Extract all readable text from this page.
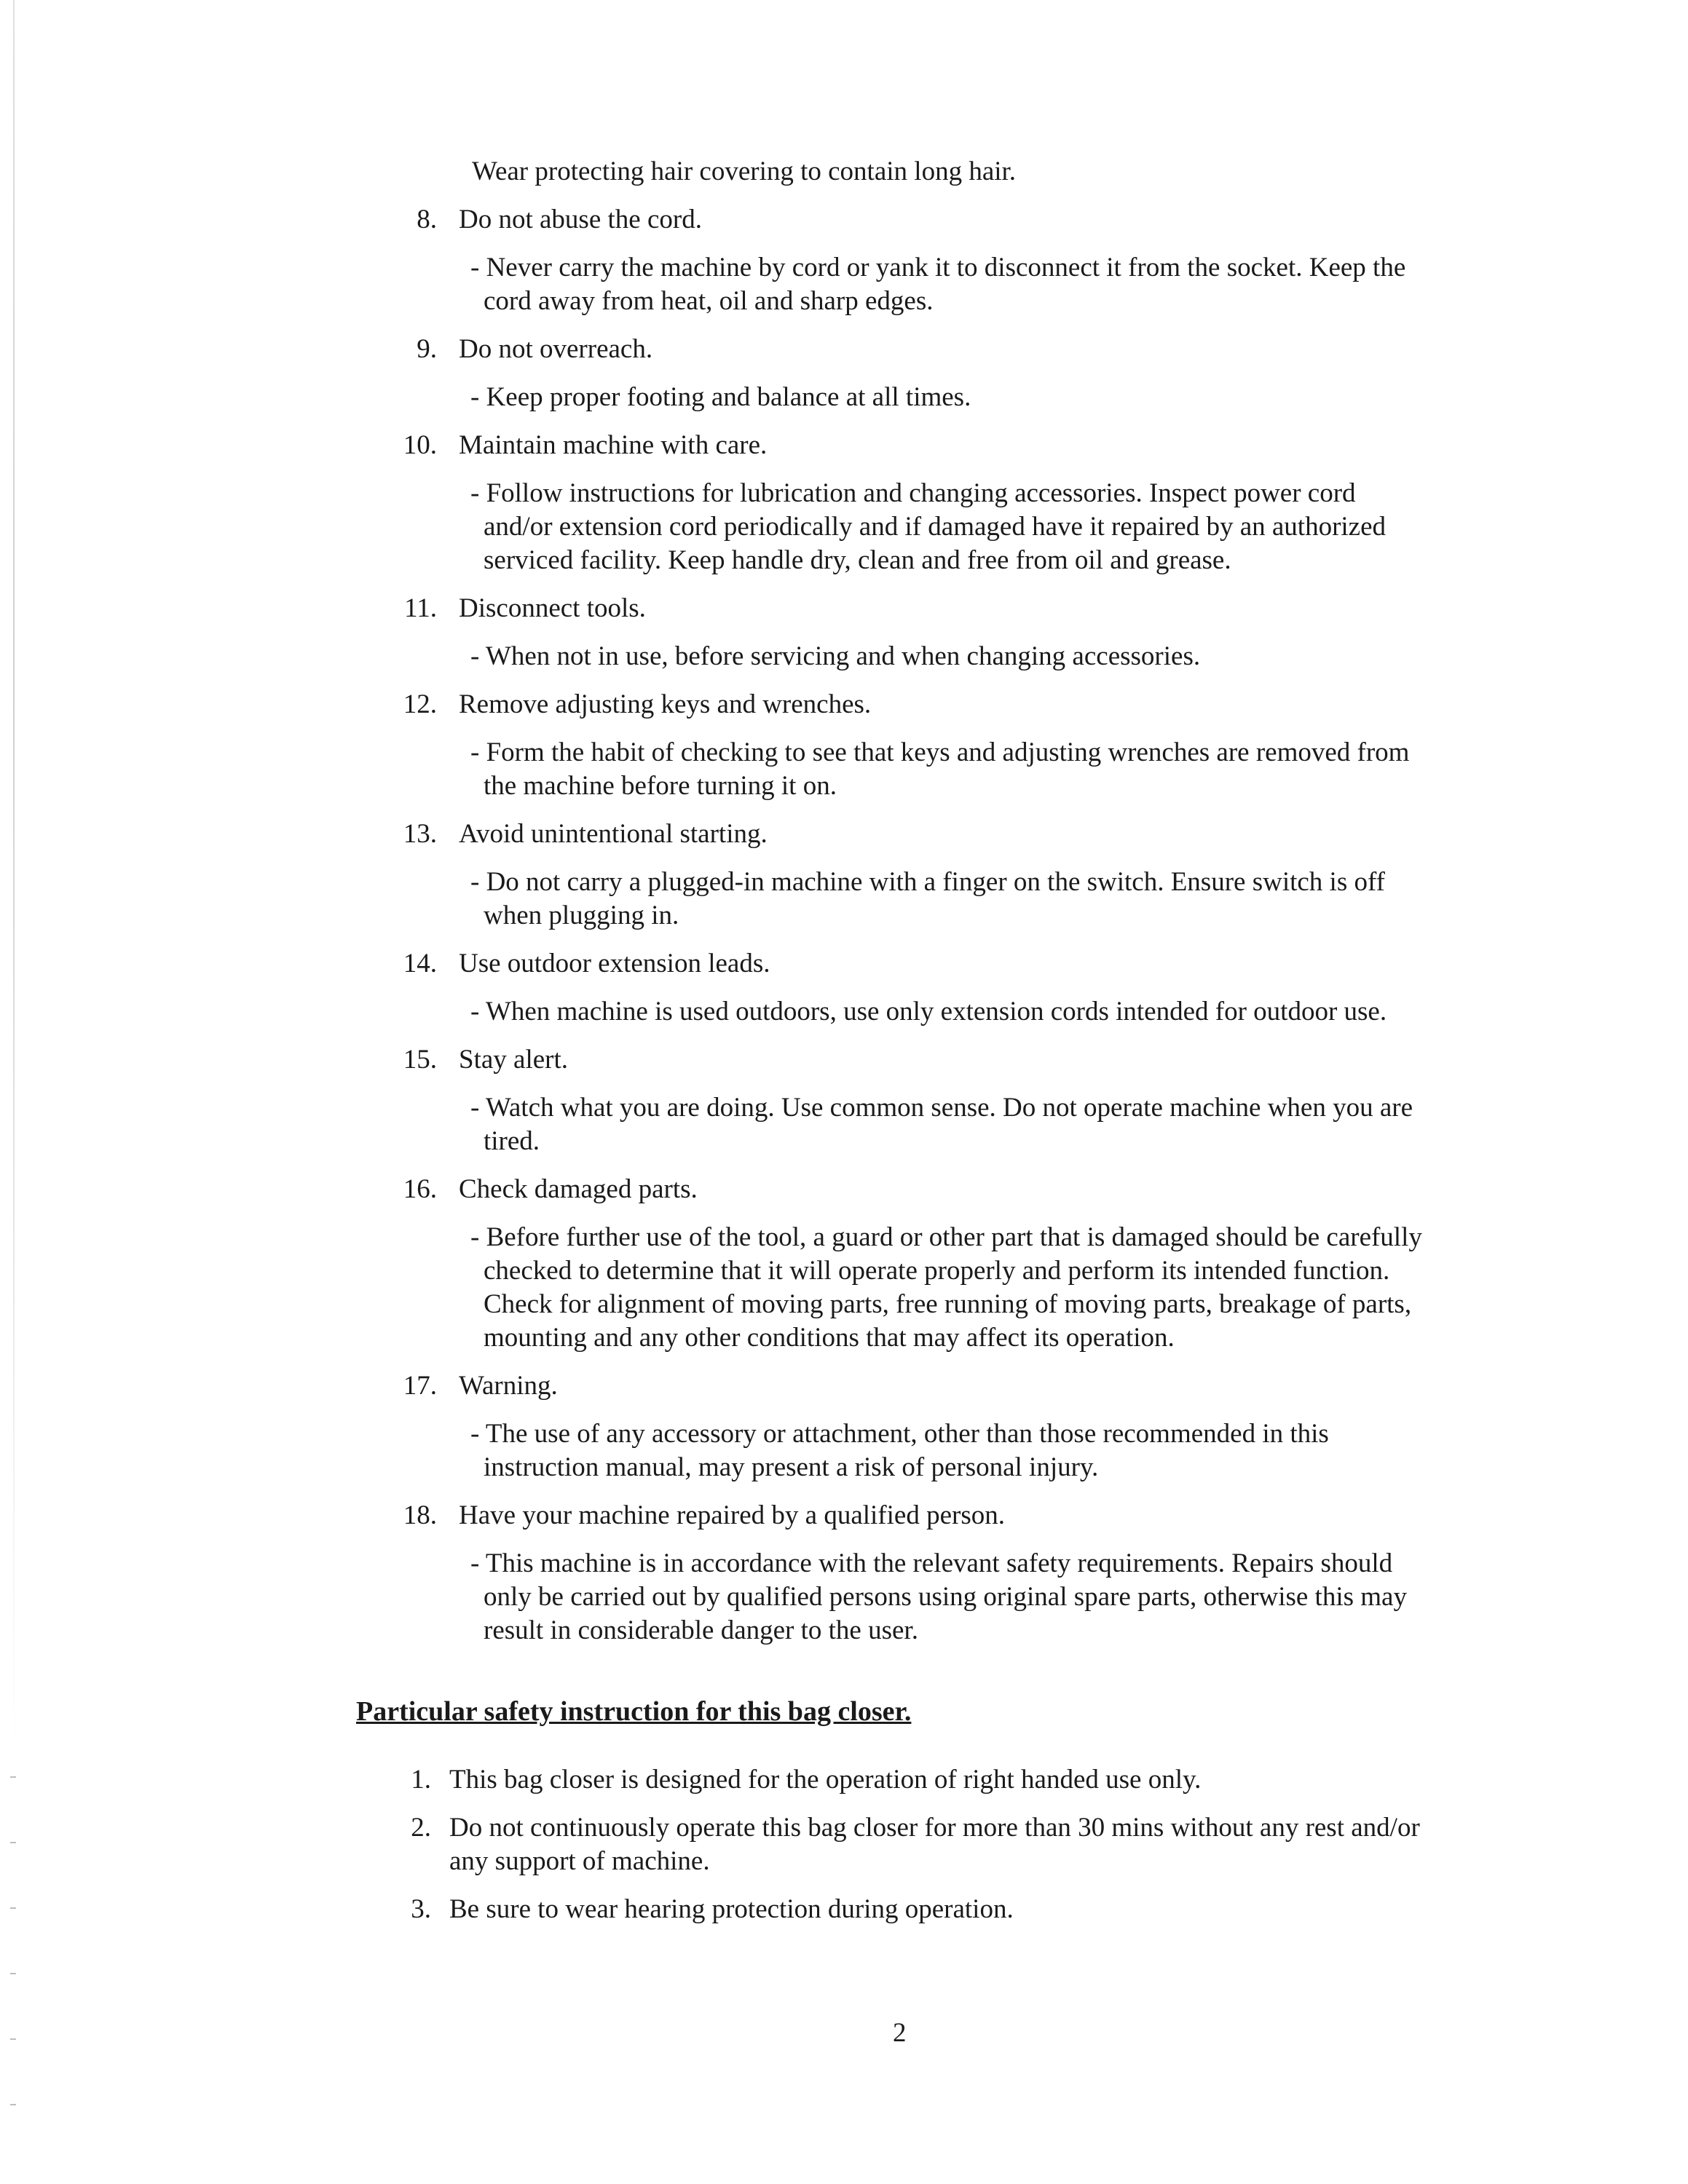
Wear protecting hair covering to contain long hair.
8. Do not abuse the cord.
- Never carry the machine by cord or yank it to disconnect it from the socket. Keep the
cord away from heat, oil and sharp edges.
9. Do not overreach.
- Keep proper footing and balance at all times.
10. Maintain machine with care.
- Follow instructions for lubrication and changing accessories. Inspect power cord
and/or extension cord periodically and if damaged have it repaired by an authorized
serviced facility. Keep handle dry, clean and free from oil and grease.
11. Disconnect tools.
- When not in use, before servicing and when changing accessories.
12. Remove adjusting keys and wrenches.
- Form the habit of checking to see that keys and adjusting wrenches are removed from
the machine before turning it on.
13. Avoid unintentional starting.
- Do not carry a plugged-in machine with a finger on the switch. Ensure switch is off
when plugging in.
14. Use outdoor extension leads.
- When machine is used outdoors, use only extension cords intended for outdoor use.
15. Stay alert.
- Watch what you are doing. Use common sense. Do not operate machine when you are
tired.
16. Check damaged parts.
- Before further use of the tool, a guard or other part that is damaged should be carefully
checked to determine that it will operate properly and perform its intended function.
Check for alignment of moving parts, free running of moving parts, breakage of parts,
mounting and any other conditions that may affect its operation.
17. Warning.
- The use of any accessory or attachment, other than those recommended in this
instruction manual, may present a risk of personal injury.
18. Have your machine repaired by a qualified person.
- This machine is in accordance with the relevant safety requirements. Repairs should
only be carried out by qualified persons using original spare parts, otherwise this may
result in considerable danger to the user.
Particular safety instruction for this bag closer.
1. This bag closer is designed for the operation of right handed use only.
2. Do not continuously operate this bag closer for more than 30 mins without any rest and/or
any support of machine.
3. Be sure to wear hearing protection during operation.
2
